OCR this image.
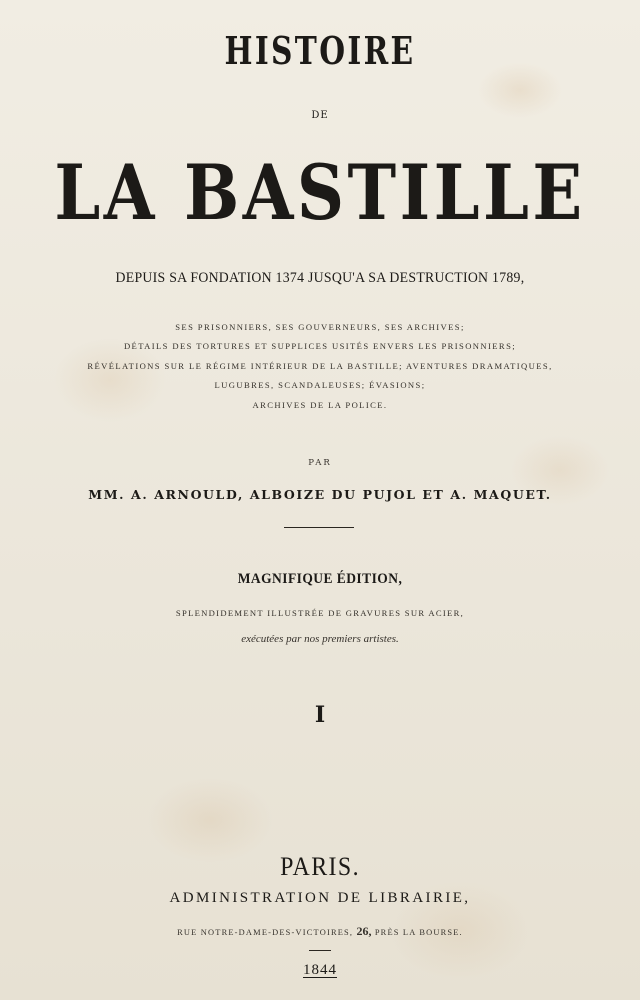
HISTOIRE

DE

LA BASTILLE

DEPUIS SA FONDATION 1374 JUSQU'A SA DESTRUCTION 1789,

SES PRISONNIERS, SES GOUVERNEURS, SES ARCHIVES;

DÉTAILS DES TORTURES ET SUPPLICES USITÉS ENVERS LES PRISONNIERS;

RÉVÉLATIONS SUR LE RÉGIME INTÉRIEUR DE LA BASTILLE; AVENTURES DRAMATIQUES,

LUGUBRES, SCANDALEUSES; ÉVASIONS;

ARCHIVES DE LA POLICE.

PAR

MM. A. ARNOULD, ALBOIZE DU PUJOL ET A. MAQUET.

MAGNIFIQUE ÉDITION,

SPLENDIDEMENT ILLUSTRÉE DE GRAVURES SUR ACIER,

exécutées par nos premiers artistes.

I

PARIS.

ADMINISTRATION DE LIBRAIRIE,

RUE NOTRE-DAME-DES-VICTOIRES, 26, PRÈS LA BOURSE.

1844
